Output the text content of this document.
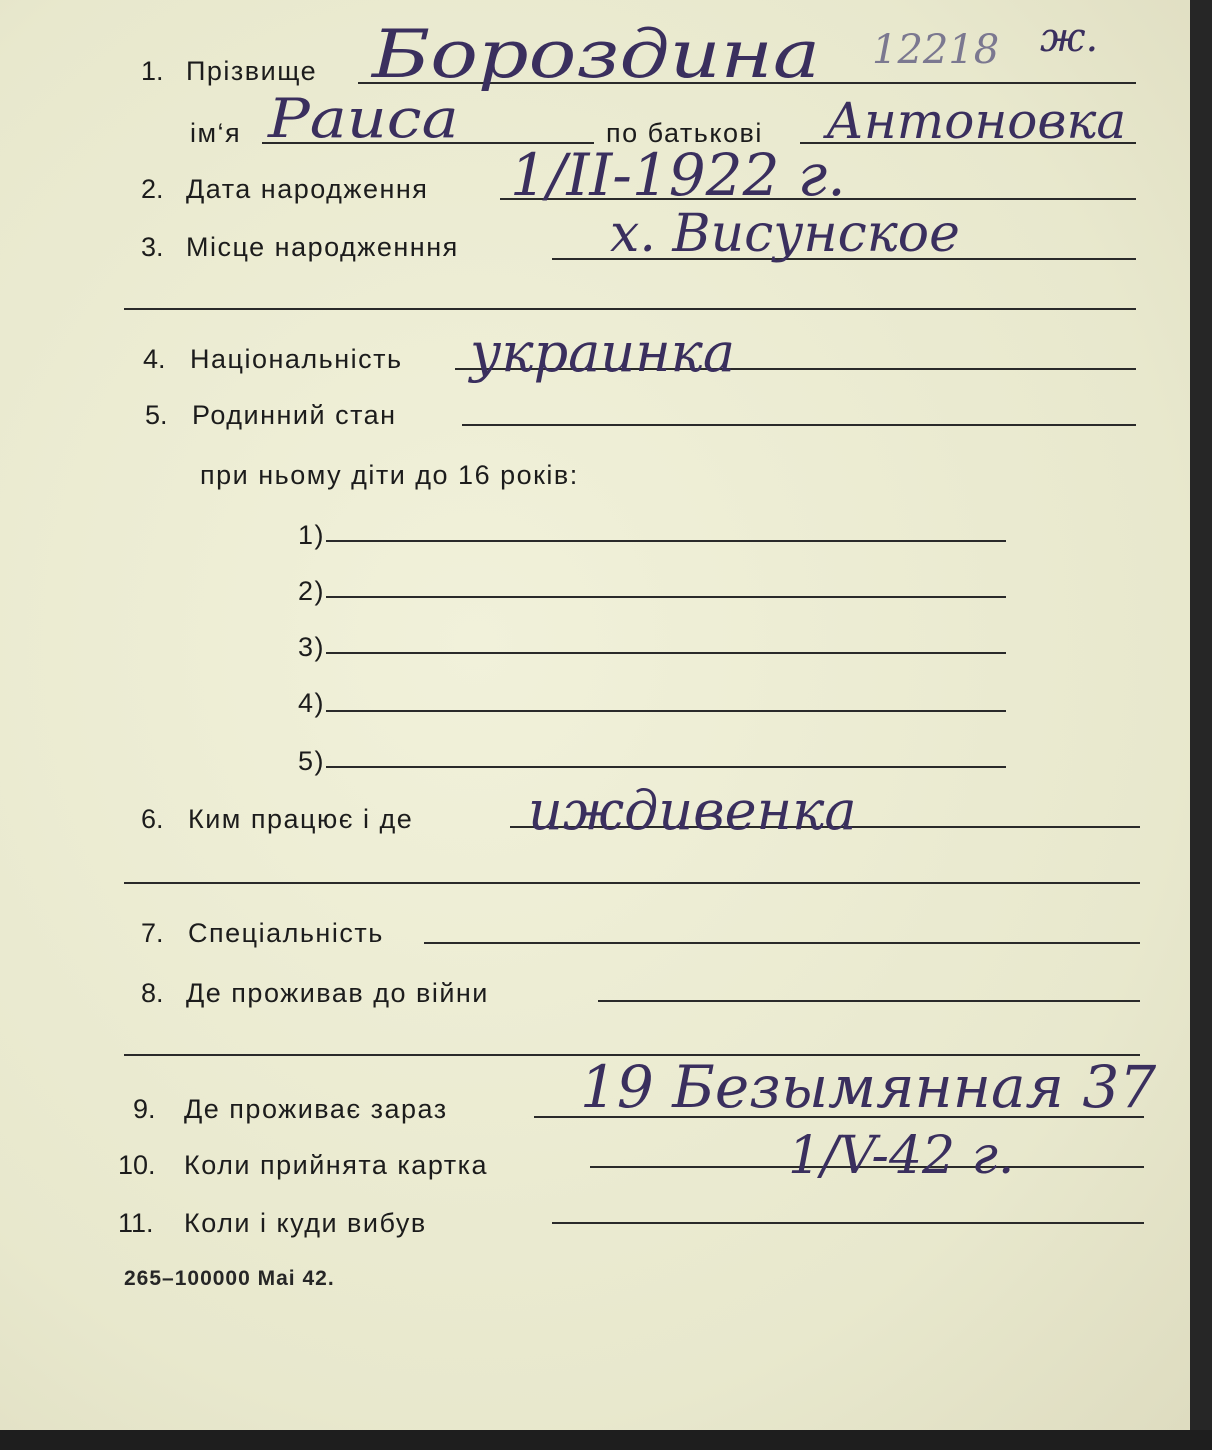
1. Прізвище Бороздина 12218 ж.
ім‘я Раиса	по батькові Антоновка
2. Дата народження 1/II-1922 г.
3. Місце народженння	х. Висунское
4. Національність украинка
5. Родинний стан
при ньому діти до 16 років:
1)
2)
3)
4)
5)
6. Ким працює і де иждивенка
7. Спеціальність
8. Де проживав до війни
9. Де проживає зараз 19 Безымянная 37
10. Коли прийнята картка	1/V-42 г.
11. Коли і куди вибув
265–100000 Mai 42.
